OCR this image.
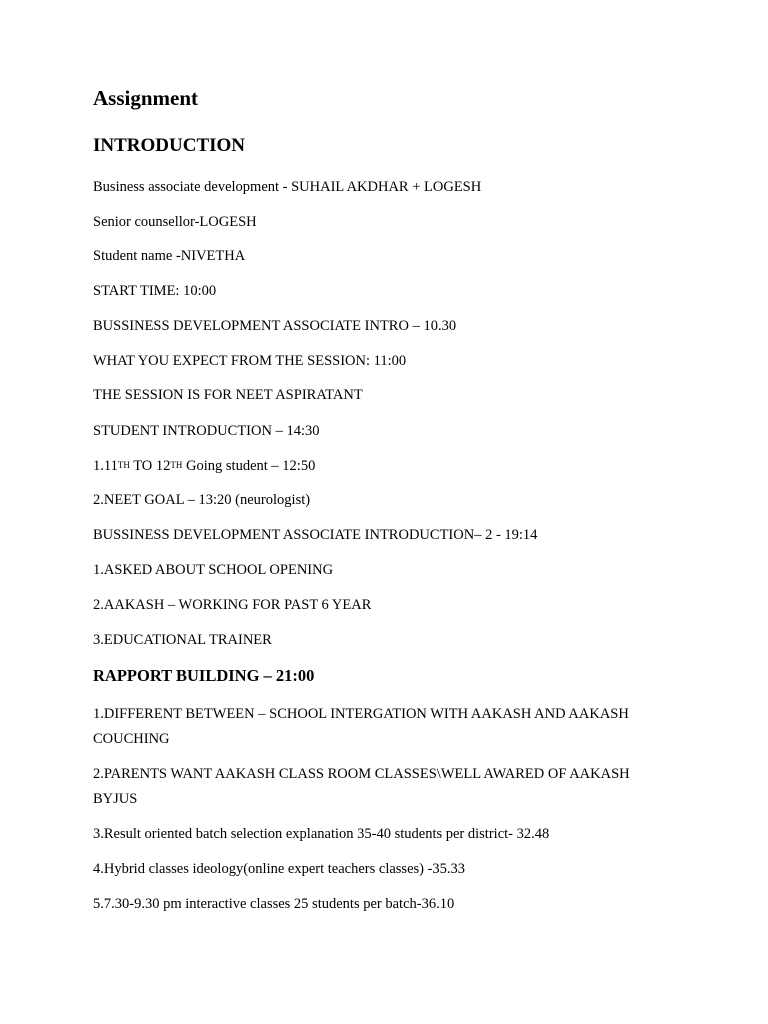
Assignment
INTRODUCTION

Business associate development - SUHAIL AKDHAR + LOGESH

Senior counsellor-LOGESH

Student name -NIVETHA

START TIME: 10:00

BUSSINESS DEVELOPMENT ASSOCIATE INTRO – 10.30

WHAT YOU EXPECT FROM THE SESSION: 11:00

THE SESSION IS FOR NEET ASPIRATANT

STUDENT INTRODUCTION – 14:30

1.11TH TO 12TH Going student – 12:50

2.NEET GOAL – 13:20 (neurologist)

BUSSINESS DEVELOPMENT ASSOCIATE INTRODUCTION– 2 - 19:14

1.ASKED ABOUT SCHOOL OPENING

2.AAKASH – WORKING FOR PAST 6 YEAR

3.EDUCATIONAL TRAINER

RAPPORT BUILDING – 21:00

1.DIFFERENT BETWEEN – SCHOOL INTERGATION WITH AAKASH AND AAKASH COUCHING

2.PARENTS WANT AAKASH CLASS ROOM CLASSES\WELL AWARED OF AAKASH BYJUS

3.Result oriented batch selection explanation 35-40 students per district- 32.48

4.Hybrid classes ideology(online expert teachers classes) -35.33

5.7.30-9.30 pm interactive classes 25 students per batch-36.10
